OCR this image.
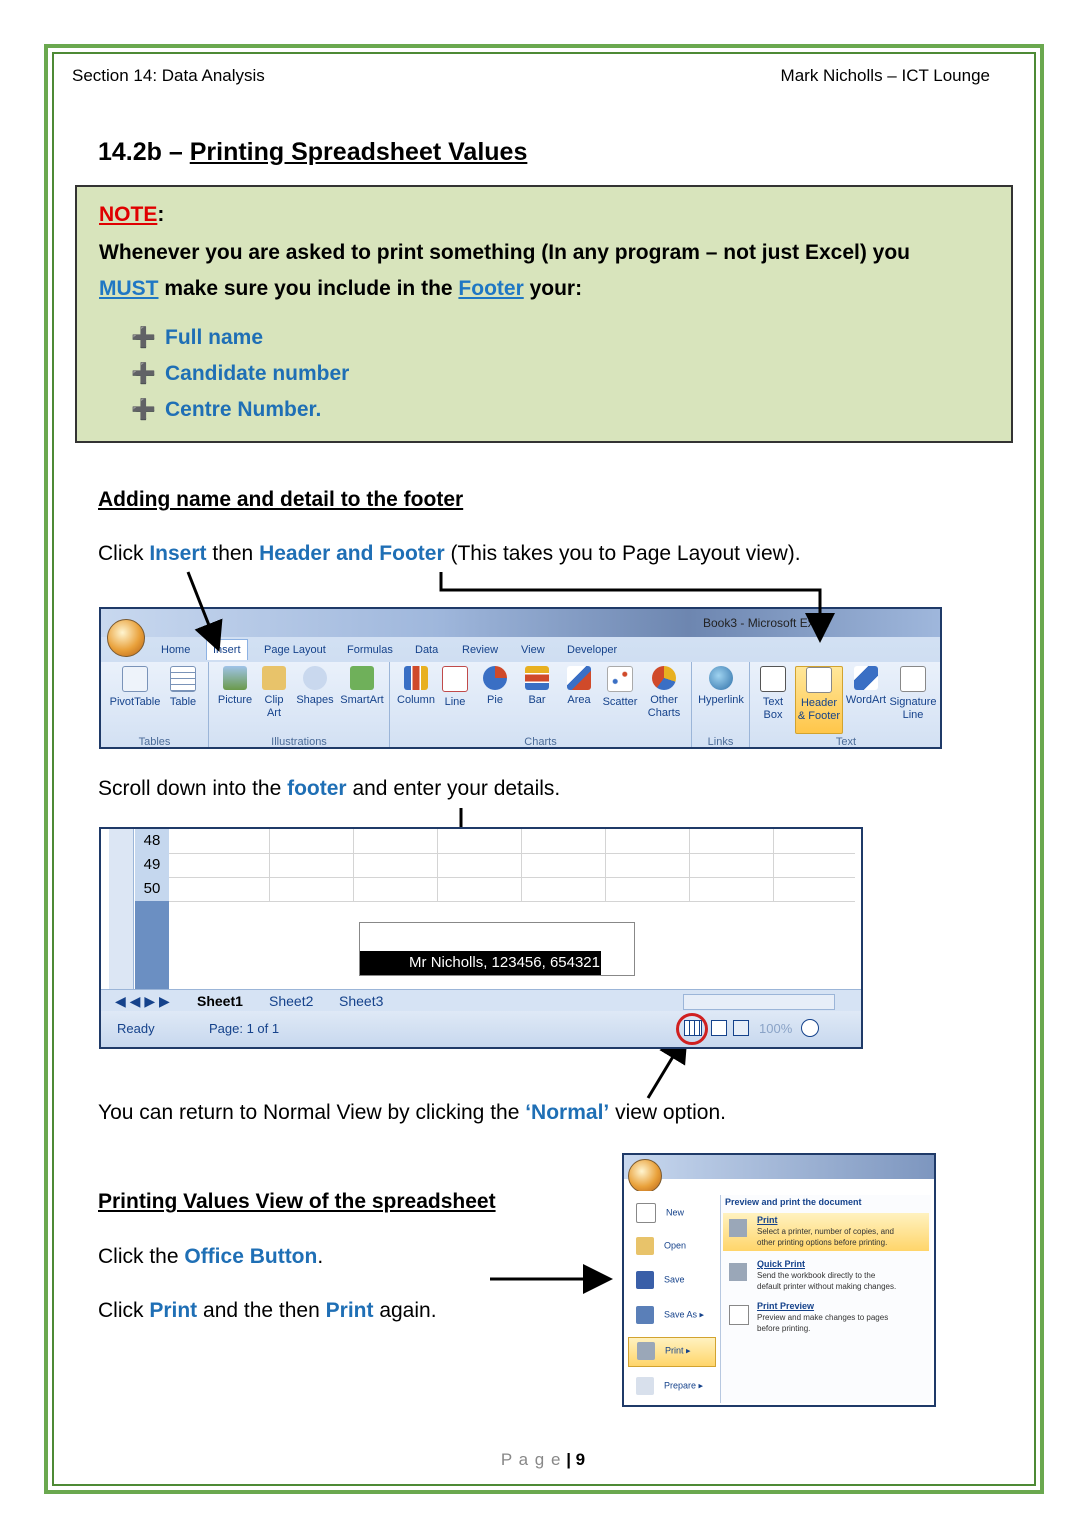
Section 14: Data Analysis	Mark Nicholls – ICT Lounge
14.2b – Printing Spreadsheet Values
NOTE:
Whenever you are asked to print something (In any program – not just Excel) you
MUST make sure you include in the Footer your:
➕ Full name
➕ Candidate number
➕ Centre Number.
Adding name and detail to the footer
Click Insert then Header and Footer (This takes you to Page Layout view).
Book3 - Microsoft Excel
Home	Insert	Page Layout Formulas Data Review View Developer
PivotTable Table
Tables
Picture	Clip
Art
Shapes SmartArt
Illustrations
Column Line	Pie	Bar	Area	Scatter	Other
Charts
Charts
Hyperlink
Links
Text
Box
Header
& Footer
WordArt Signature
Line
Text
Scroll down into the footer and enter your details.
48
49
50
Mr Nicholls, 123456, 654321
◀ ◀ ▶ ▶ Sheet1 Sheet2 Sheet3
Ready	Page: 1 of 1	100%
You can return to Normal View by clicking the ‘Normal’ view option.
Printing Values View of the spreadsheet
Click the Office Button.
Click Print and the then Print again.
New
Open
Save
Save As ▸
Print ▸
Prepare ▸
Preview and print the document
Print
Select a printer, number of copies, and
other printing options before printing.
Quick Print
Send the workbook directly to the
default printer without making changes.
Print Preview
Preview and make changes to pages
before printing.
P a g e | 9
